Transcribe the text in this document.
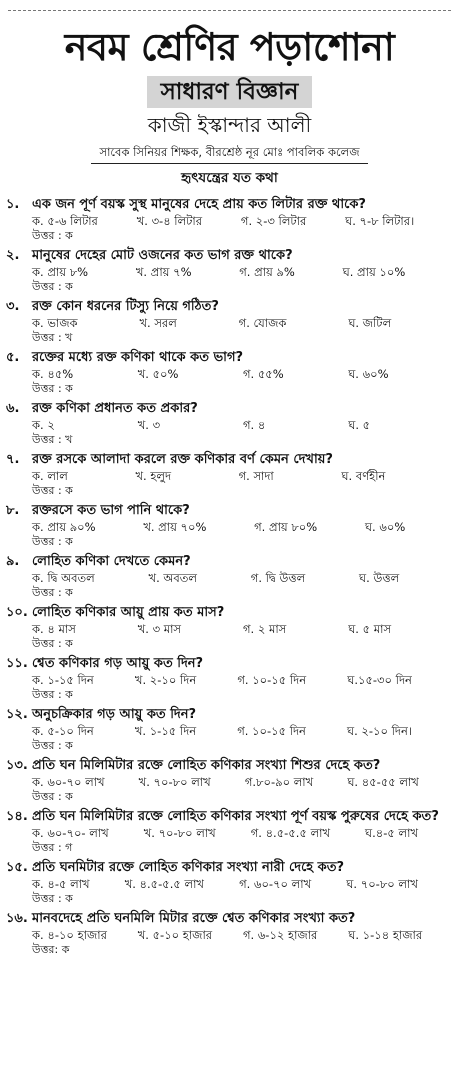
নবম শ্রেণির পড়াশোনা
সাধারণ বিজ্ঞান
কাজী ইস্কান্দার আলী
সাবেক সিনিয়র শিক্ষক, বীরশ্রেষ্ঠ নূর মোঃ পাবলিক কলেজ
হৃৎযন্ত্রের যত কথা
১. এক জন পূর্ণ বয়স্ক সুস্থ মানুষের দেহে প্রায় কত লিটার রক্ত থাকে?
ক. ৫-৬ লিটার	খ. ৩-৪ লিটার	গ. ২-৩ লিটার	ঘ. ৭-৮ লিটার।
উত্তর : ক
২. মানুষের দেহের মোট ওজনের কত ভাগ রক্ত থাকে?
ক. প্রায় ৮%	খ. প্রায় ৭%	গ. প্রায় ৯%	ঘ. প্রায় ১০%
উত্তর : ক
৩. রক্ত কোন ধরনের টিস্যু নিয়ে গঠিত?
ক. ভাজক	খ. সরল	গ. যোজক	ঘ. জটিল
উত্তর : খ
৫. রক্তের মধ্যে রক্ত কণিকা থাকে কত ভাগ?
ক. ৪৫%	খ. ৫০%	গ. ৫৫%	ঘ. ৬০%
উত্তর : ক
৬. রক্ত কণিকা প্রধানত কত প্রকার?
ক. ২	খ. ৩	গ. ৪	ঘ. ৫
উত্তর : খ
৭. রক্ত রসকে আলাদা করলে রক্ত কণিকার বর্ণ কেমন দেখায়?
ক. লাল	খ. হলুদ	গ. সাদা	ঘ. বর্ণহীন
উত্তর : ক
৮. রক্তরসে কত ভাগ পানি থাকে?
ক. প্রায় ৯০%	খ. প্রায় ৭০%	গ. প্রায় ৮০%	ঘ. ৬০%
উত্তর : ক
৯. লোহিত কণিকা দেখতে কেমন?
ক. দ্বি অবতল	খ. অবতল	গ. দ্বি উত্তল	ঘ. উত্তল
উত্তর : ক
১০. লোহিত কণিকার আয়ু প্রায় কত মাস?
ক. ৪ মাস	খ. ৩ মাস	গ. ২ মাস	ঘ. ৫ মাস
উত্তর : ক
১১. শ্বেত কণিকার গড় আয়ু কত দিন?
ক. ১-১৫ দিন	খ. ২-১০ দিন	গ. ১০-১৫ দিন	ঘ.১৫-৩০ দিন
উত্তর : ক
১২. অনুচক্রিকার গড় আয়ু কত দিন?
ক. ৫-১০ দিন	খ. ১-১৫ দিন	গ. ১০-১৫ দিন	ঘ. ২-১০ দিন।
উত্তর : ক
১৩. প্রতি ঘন মিলিমিটার রক্তে লোহিত কণিকার সংখ্যা শিশুর দেহে কত?
ক. ৬০-৭০ লাখ	খ. ৭০-৮০ লাখ	গ.৮০-৯০ লাখ	ঘ. ৪৫-৫৫ লাখ
উত্তর : ক
১৪. প্রতি ঘন মিলিমিটার রক্তে লোহিত কণিকার সংখ্যা পূর্ণ বয়স্ক পুরুষের দেহে কত?
ক. ৬০-৭০- লাখ	খ. ৭০-৮০ লাখ	গ. ৪.৫-৫.৫ লাখ	ঘ.৪-৫ লাখ
উত্তর : গ
১৫. প্রতি ঘনমিটার রক্তে লোহিত কণিকার সংখ্যা নারী দেহে কত?
ক. ৪-৫ লাখ	খ. ৪.৫-৫.৫ লাখ	গ. ৬০-৭০ লাখ	ঘ. ৭০-৮০ লাখ
উত্তর : ক
১৬. মানবদেহে প্রতি ঘনমিলি মিটার রক্তে শ্বেত কণিকার সংখ্যা কত?
ক. ৪-১০ হাজার	খ. ৫-১০ হাজার	গ. ৬-১২ হাজার	ঘ. ১-১৪ হাজার
উত্তর: ক
